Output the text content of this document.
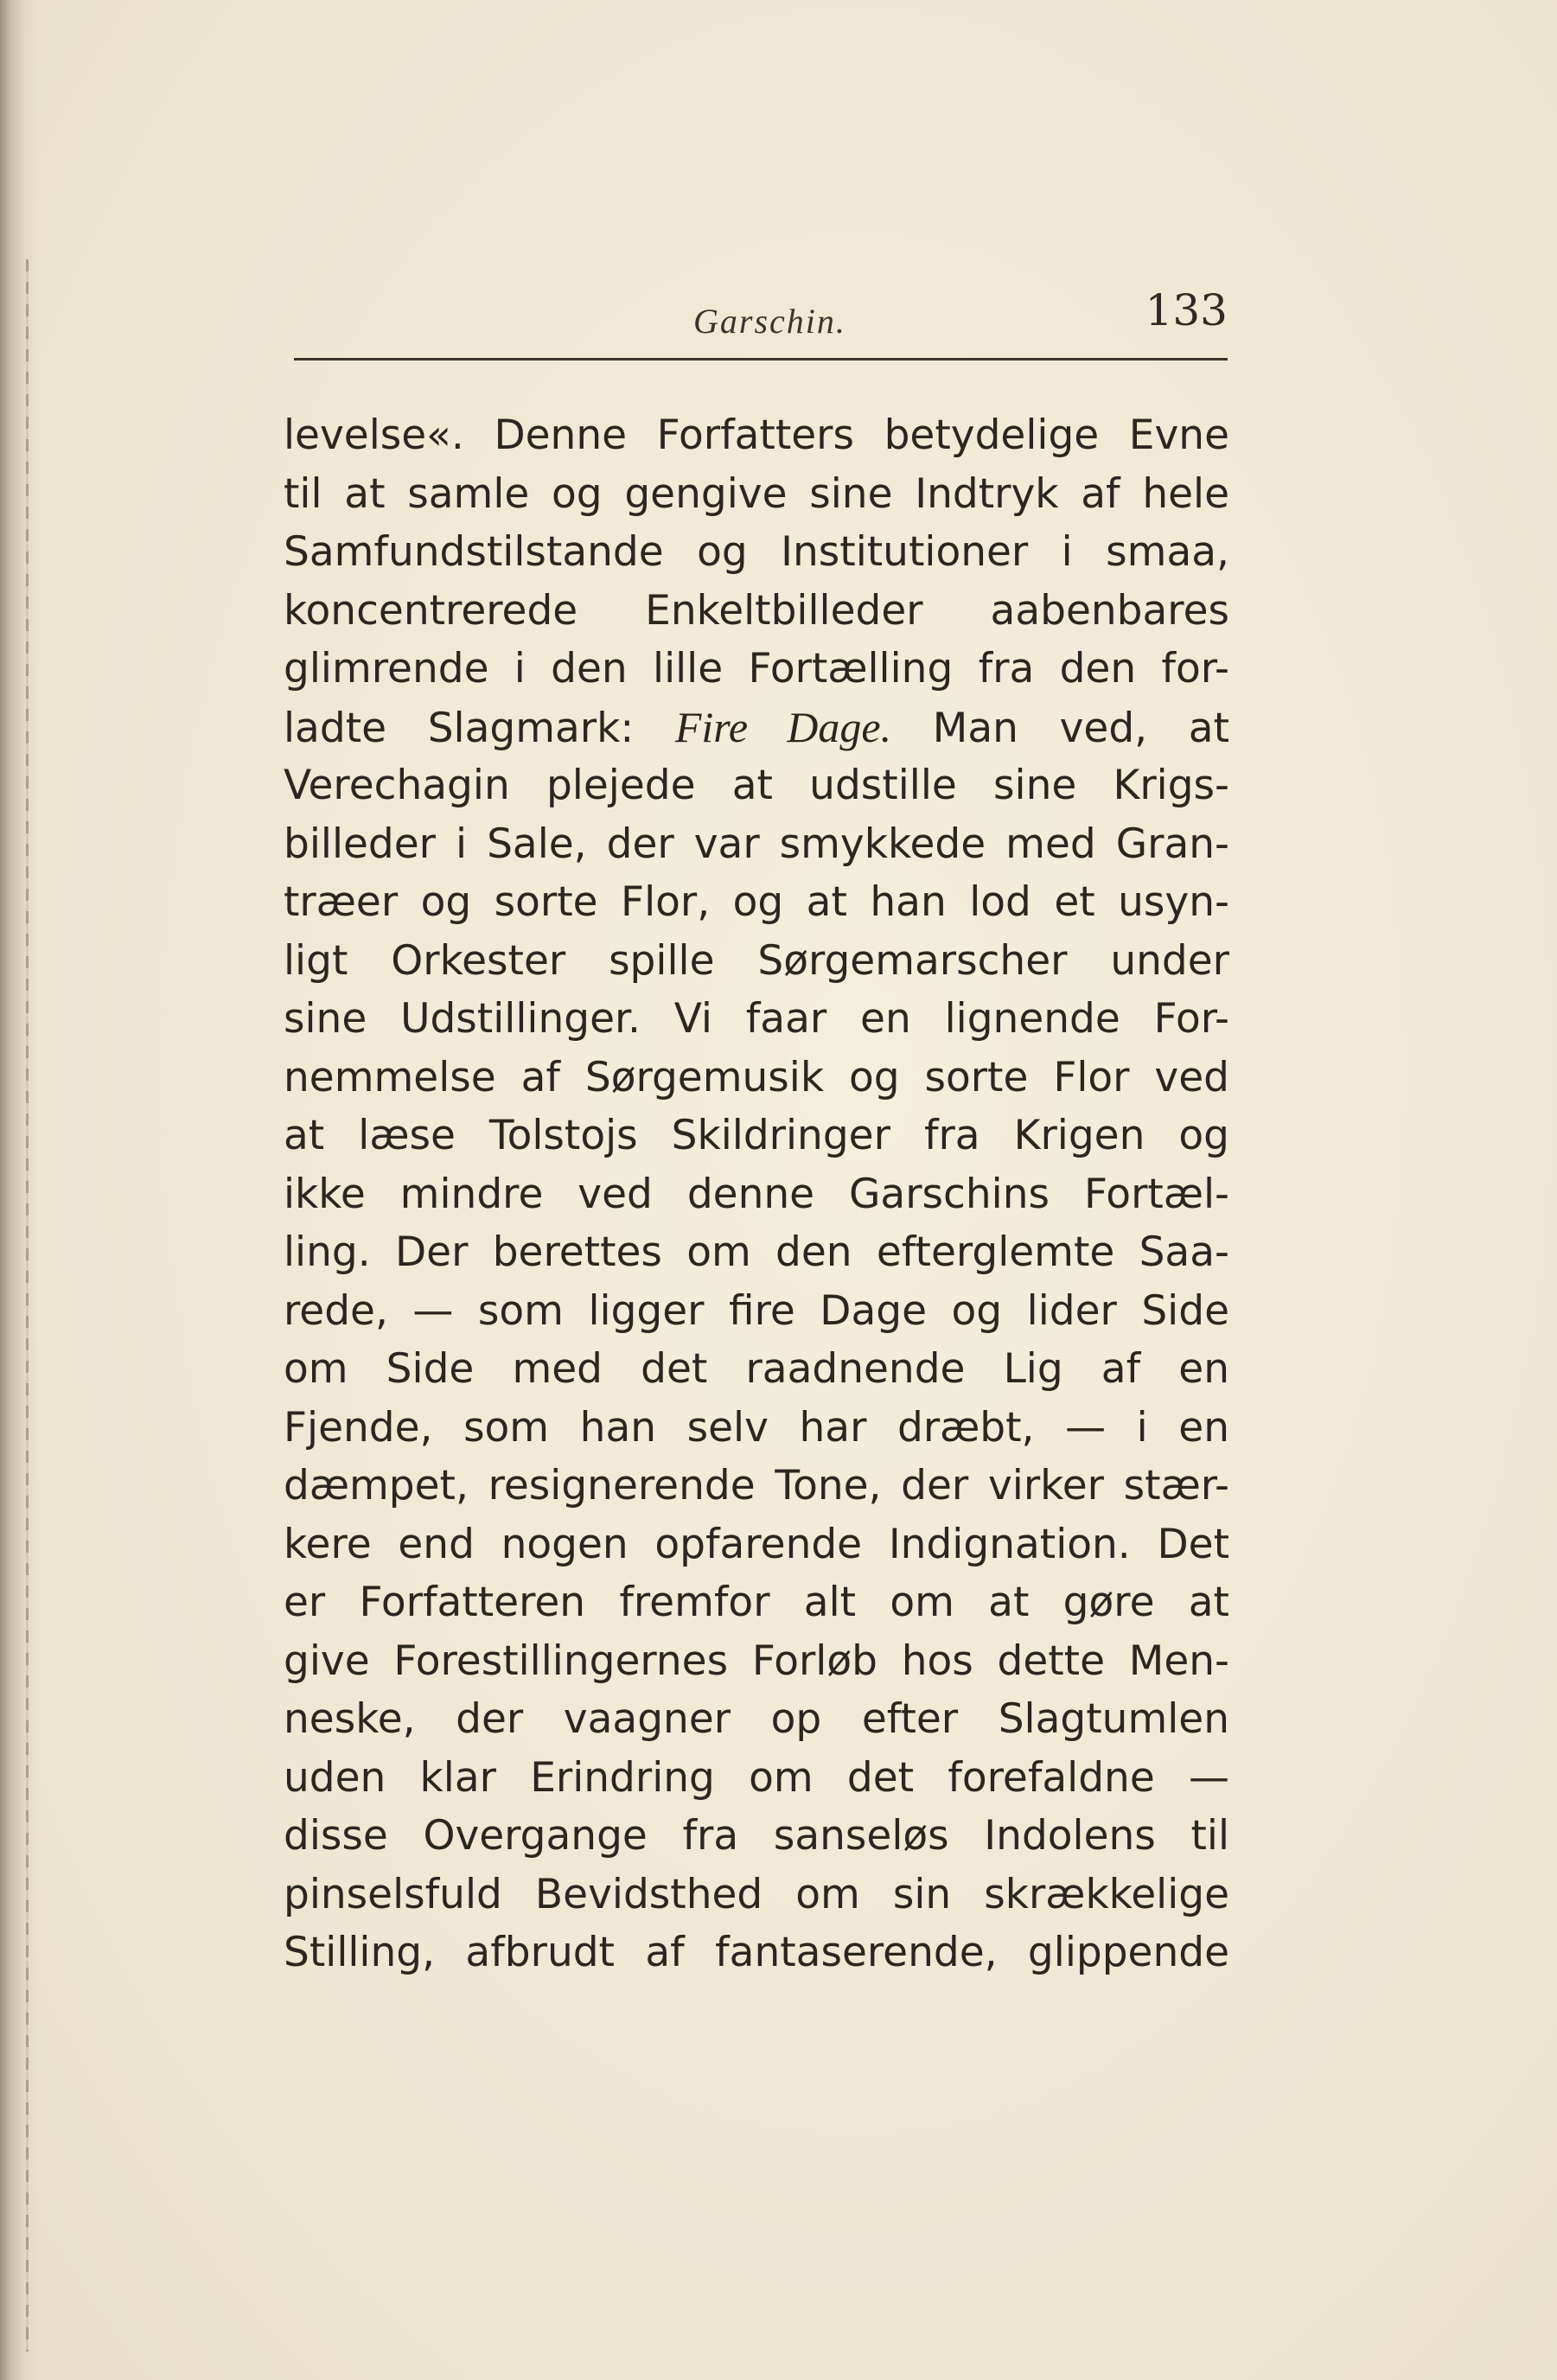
Garschin.	133
levelse«. Denne Forfatters betydelige Evne
til at samle og gengive sine Indtryk af hele
Samfundstilstande og Institutioner i smaa,
koncentrerede Enkeltbilleder aabenbares
glimrende i den lille Fortælling fra den for-
ladte Slagmark: Fire Dage. Man ved, at
Verechagin plejede at udstille sine Krigs-
billeder i Sale, der var smykkede med Gran-
træer og sorte Flor, og at han lod et usyn-
ligt Orkester spille Sørgemarscher under
sine Udstillinger. Vi faar en lignende For-
nemmelse af Sørgemusik og sorte Flor ved
at læse Tolstojs Skildringer fra Krigen og
ikke mindre ved denne Garschins Fortæl-
ling. Der berettes om den efterglemte Saa-
rede, — som ligger fire Dage og lider Side
om Side med det raadnende Lig af en
Fjende, som han selv har dræbt, — i en
dæmpet, resignerende Tone, der virker stær-
kere end nogen opfarende Indignation. Det
er Forfatteren fremfor alt om at gøre at
give Forestillingernes Forløb hos dette Men-
neske, der vaagner op efter Slagtumlen
uden klar Erindring om det forefaldne —
disse Overgange fra sanseløs Indolens til
pinselsfuld Bevidsthed om sin skrækkelige
Stilling, afbrudt af fantaserende, glippende
